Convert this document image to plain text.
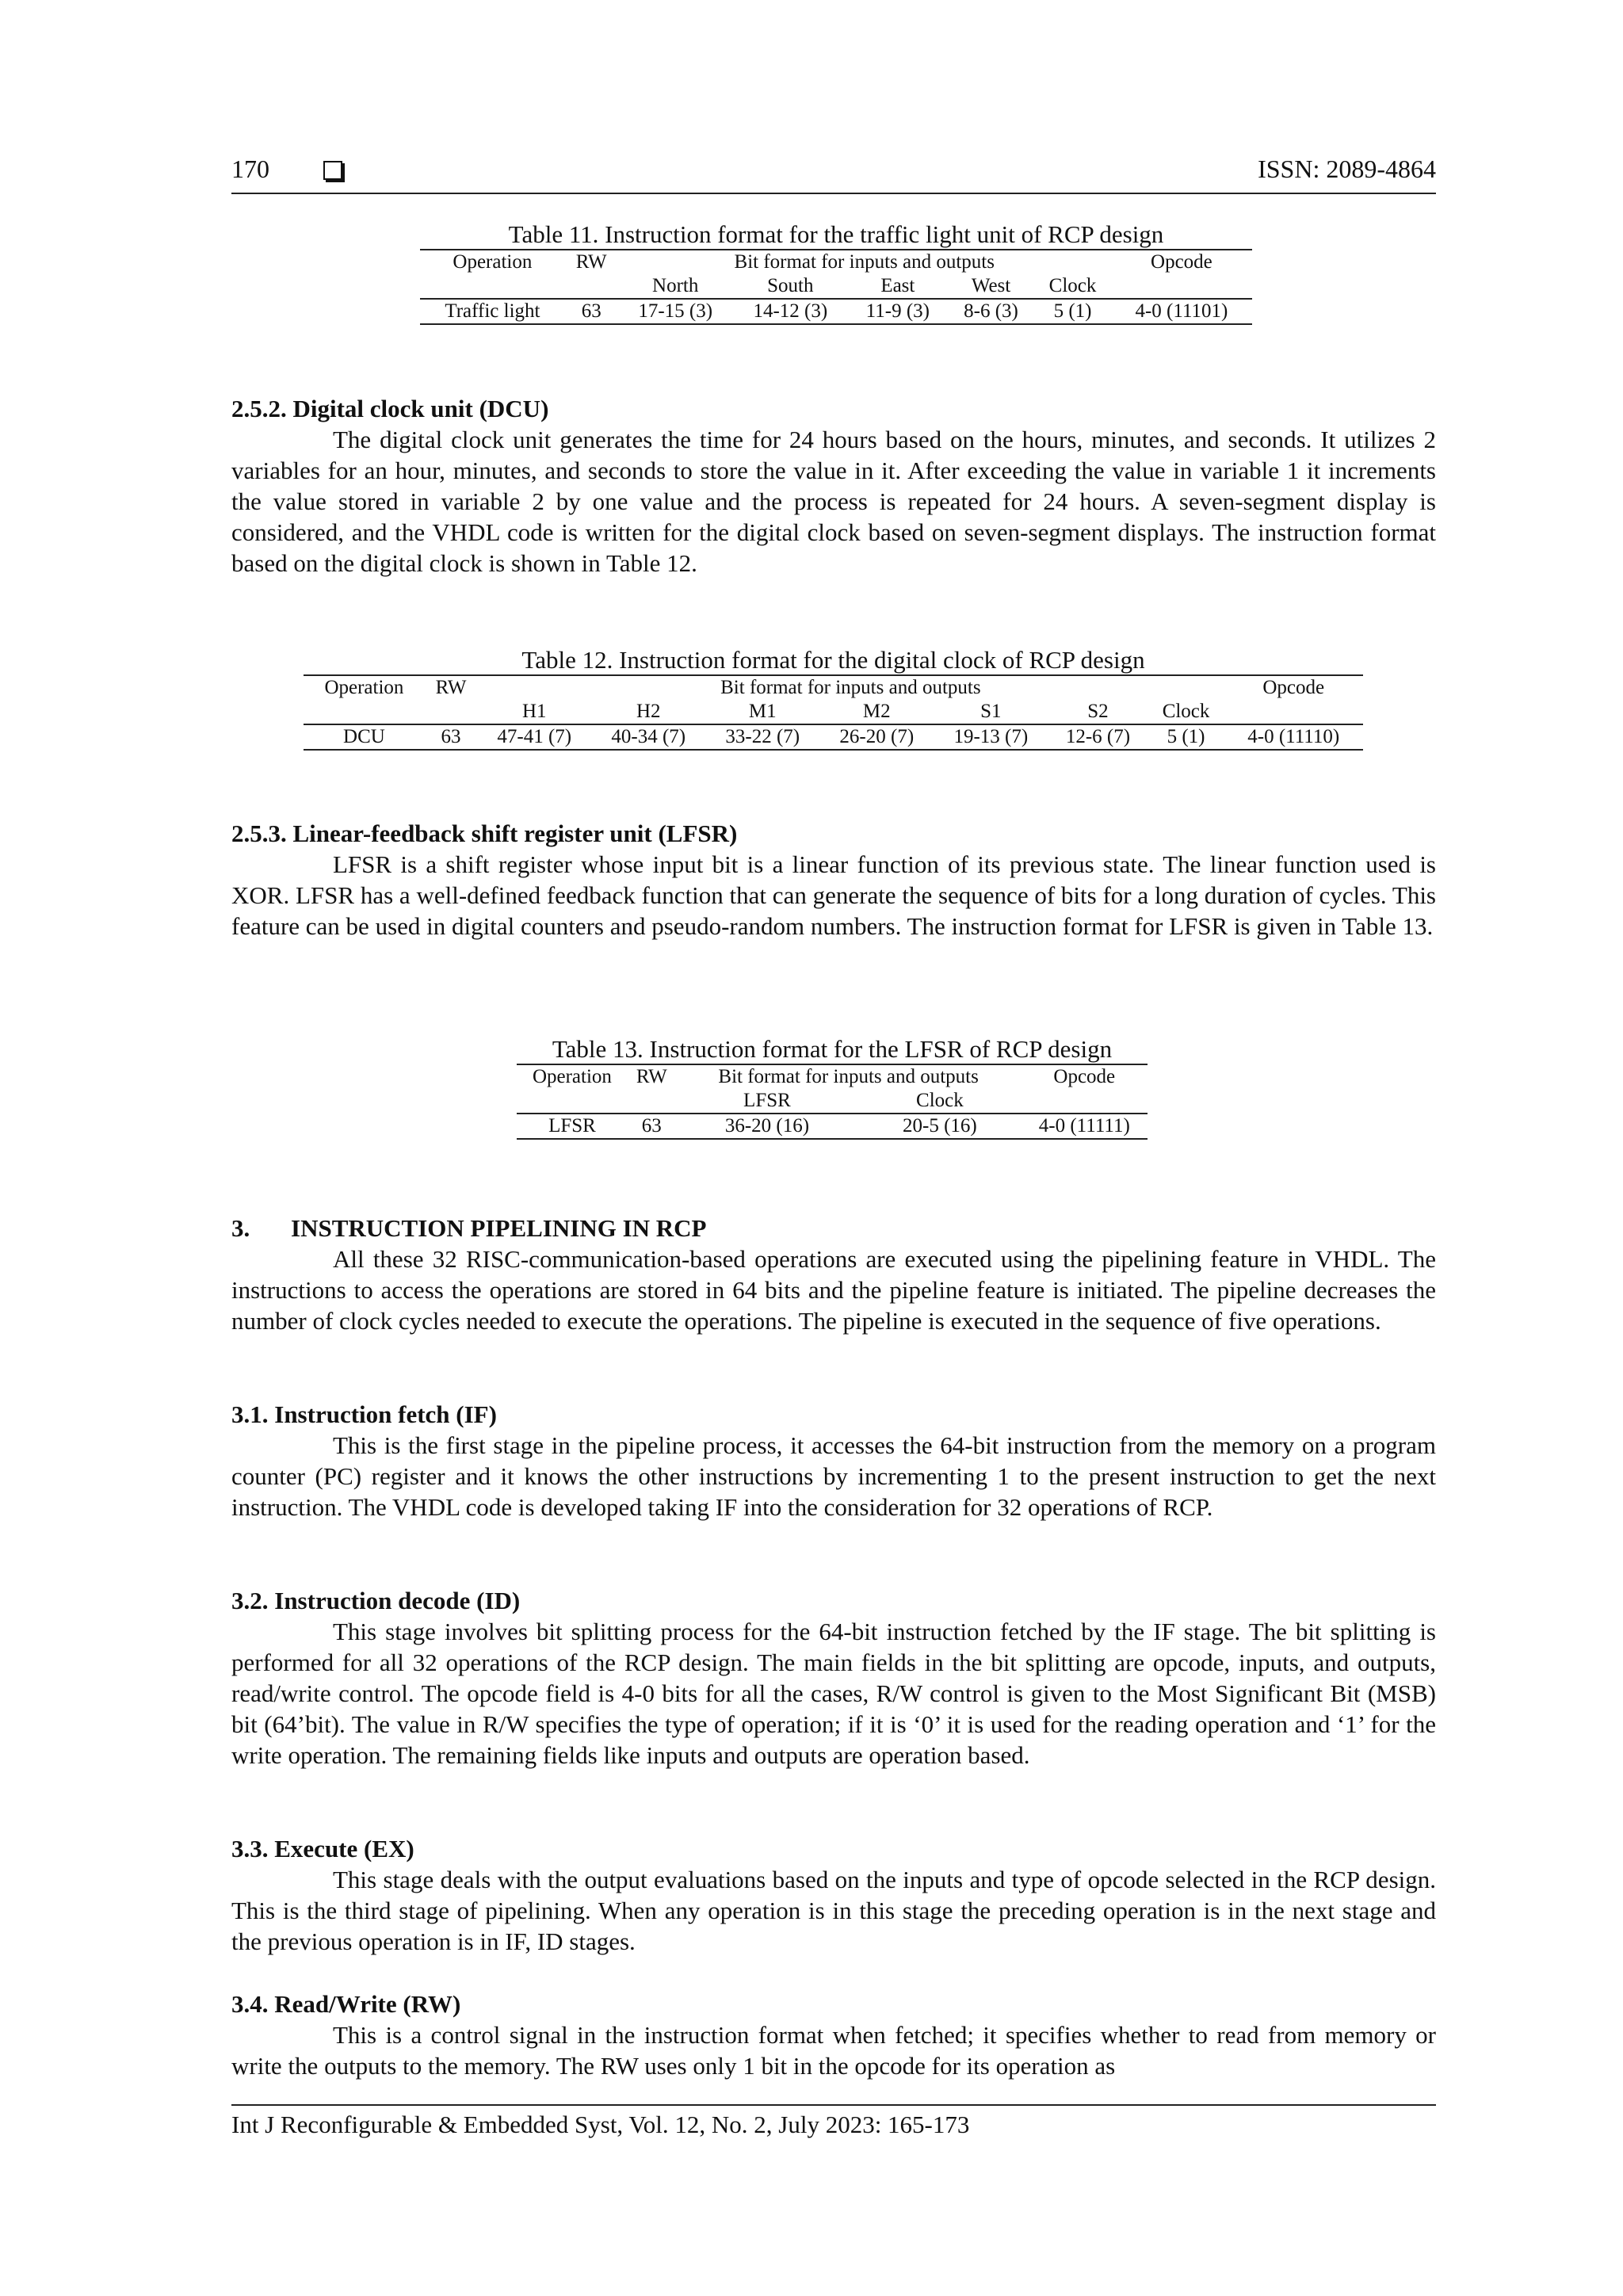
170	ISSN: 2089-4864
Table 11. Instruction format for the traffic light unit of RCP design
Operation	RW	Bit format for inputs and outputs					Opcode
		North	South	East	West	Clock	
Traffic light	63	17-15 (3)	14-12 (3)	11-9 (3)	8-6 (3)	5 (1)	4-0 (11101)
2.5.2. Digital clock unit (DCU)

The digital clock unit generates the time for 24 hours based on the hours, minutes, and seconds. It utilizes 2 variables for an hour, minutes, and seconds to store the value in it. After exceeding the value in variable 1 it increments the value stored in variable 2 by one value and the process is repeated for 24 hours. A seven-segment display is considered, and the VHDL code is written for the digital clock based on seven-segment displays. The instruction format based on the digital clock is shown in Table 12.

Table 12. Instruction format for the digital clock of RCP design
Operation	RW	Bit format for inputs and outputs							Opcode
		H1	H2	M1	M2	S1	S2	Clock	
DCU	63	47-41 (7)	40-34 (7)	33-22 (7)	26-20 (7)	19-13 (7)	12-6 (7)	5 (1)	4-0 (11110)
2.5.3. Linear-feedback shift register unit (LFSR)

LFSR is a shift register whose input bit is a linear function of its previous state. The linear function used is XOR. LFSR has a well-defined feedback function that can generate the sequence of bits for a long duration of cycles. This feature can be used in digital counters and pseudo-random numbers. The instruction format for LFSR is given in Table 13.

Table 13. Instruction format for the LFSR of RCP design
Operation	RW	Bit format for inputs and outputs		Opcode
		LFSR	Clock	
LFSR	63	36-20 (16)	20-5 (16)	4-0 (11111)
3. INSTRUCTION PIPELINING IN RCP

All these 32 RISC-communication-based operations are executed using the pipelining feature in VHDL. The instructions to access the operations are stored in 64 bits and the pipeline feature is initiated. The pipeline decreases the number of clock cycles needed to execute the operations. The pipeline is executed in the sequence of five operations.

3.1. Instruction fetch (IF)

This is the first stage in the pipeline process, it accesses the 64-bit instruction from the memory on a program counter (PC) register and it knows the other instructions by incrementing 1 to the present instruction to get the next instruction. The VHDL code is developed taking IF into the consideration for 32 operations of RCP.

3.2. Instruction decode (ID)

This stage involves bit splitting process for the 64-bit instruction fetched by the IF stage. The bit splitting is performed for all 32 operations of the RCP design. The main fields in the bit splitting are opcode, inputs, and outputs, read/write control. The opcode field is 4-0 bits for all the cases, R/W control is given to the Most Significant Bit (MSB) bit (64’bit). The value in R/W specifies the type of operation; if it is ‘0’ it is used for the reading operation and ‘1’ for the write operation. The remaining fields like inputs and outputs are operation based.

3.3. Execute (EX)

This stage deals with the output evaluations based on the inputs and type of opcode selected in the RCP design. This is the third stage of pipelining. When any operation is in this stage the preceding operation is in the next stage and the previous operation is in IF, ID stages.

3.4. Read/Write (RW)

This is a control signal in the instruction format when fetched; it specifies whether to read from memory or write the outputs to the memory. The RW uses only 1 bit in the opcode for its operation as

Int J Reconfigurable & Embedded Syst, Vol. 12, No. 2, July 2023: 165-173
